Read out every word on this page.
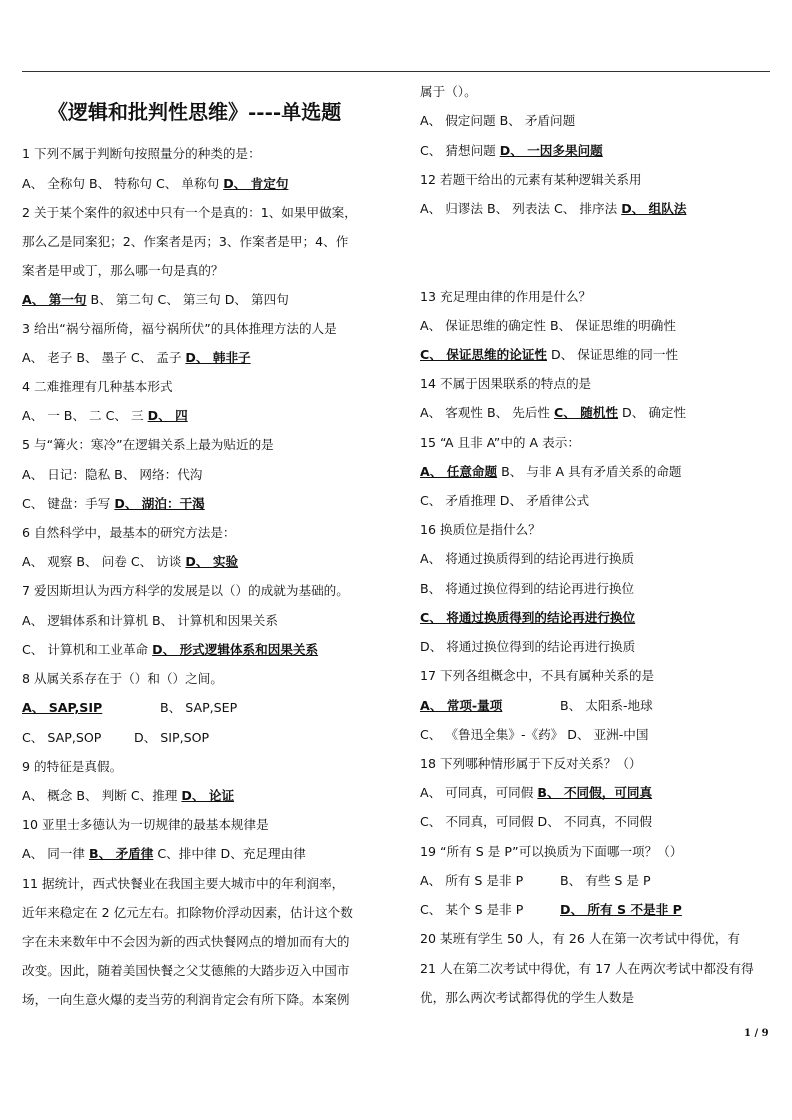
《逻辑和批判性思维》----单选题
1 下列不属于判断句按照量分的种类的是：
A、 全称句 B、 特称句 C、 单称句 D、 肯定句
2 关于某个案件的叙述中只有一个是真的：1、如果甲做案，
那么乙是同案犯；2、作案者是丙；3、作案者是甲；4、作
案者是甲或丁，那么哪一句是真的？
A、 第一句 B、 第二句 C、 第三句 D、 第四句
3 给出“祸兮福所倚，福兮祸所伏”的具体推理方法的人是
A、 老子 B、 墨子 C、 孟子 D、 韩非子
4 二难推理有几种基本形式
A、 一 B、 二 C、 三 D、 四
5 与“篝火：寒冷”在逻辑关系上最为贴近的是
A、 日记：隐私 B、 网络：代沟
C、 键盘：手写 D、 湖泊：干渴
6 自然科学中，最基本的研究方法是：
A、 观察 B、 问卷 C、 访谈 D、 实验
7 爱因斯坦认为西方科学的发展是以（）的成就为基础的。
A、 逻辑体系和计算机 B、 计算机和因果关系
C、 计算机和工业革命 D、 形式逻辑体系和因果关系
8 从属关系存在于（）和（）之间。
A、 SAP,SIP	B、 SAP,SEP
C、 SAP,SOP	D、 SIP,SOP
9 的特征是真假。
A、 概念 B、 判断 C、推理 D、 论证
10 亚里士多德认为一切规律的最基本规律是
A、 同一律 B、 矛盾律 C、排中律 D、充足理由律
11 据统计，西式快餐业在我国主要大城市中的年利润率，
近年来稳定在 2 亿元左右。扣除物价浮动因素，估计这个数
字在未来数年中不会因为新的西式快餐网点的增加而有大的
改变。因此，随着美国快餐之父艾德熊的大踏步迈入中国市
场，一向生意火爆的麦当劳的利润肯定会有所下降。本案例
属于（）。
A、 假定问题 B、 矛盾问题
C、 猜想问题 D、 一因多果问题
12 若题干给出的元素有某种逻辑关系用
A、 归谬法 B、 列表法 C、 排序法 D、 组队法
13 充足理由律的作用是什么？
A、 保证思维的确定性 B、 保证思维的明确性
C、 保证思维的论证性 D、 保证思维的同一性
14 不属于因果联系的特点的是
A、 客观性 B、 先后性 C、 随机性 D、 确定性
15 “A 且非 A”中的 A 表示：
A、 任意命题 B、 与非 A 具有矛盾关系的命题
C、 矛盾推理 D、 矛盾律公式
16 换质位是指什么？
A、 将通过换质得到的结论再进行换质
B、 将通过换位得到的结论再进行换位
C、 将通过换质得到的结论再进行换位
D、 将通过换位得到的结论再进行换质
17 下列各组概念中，不具有属种关系的是
A、 常项-量项	B、 太阳系-地球
C、 《鲁迅全集》-《药》 D、 亚洲-中国
18 下列哪种情形属于下反对关系？（）
A、 可同真，可同假 B、 不同假，可同真
C、 不同真，可同假 D、 不同真，不同假
19 “所有 S 是 P”可以换质为下面哪一项？（）
A、 所有 S 是非 P	B、 有些 S 是 P
C、 某个 S 是非 P	D、 所有 S 不是非 P
20 某班有学生 50 人，有 26 人在第一次考试中得优，有
21 人在第二次考试中得优，有 17 人在两次考试中都没有得
优，那么两次考试都得优的学生人数是
1 / 9
